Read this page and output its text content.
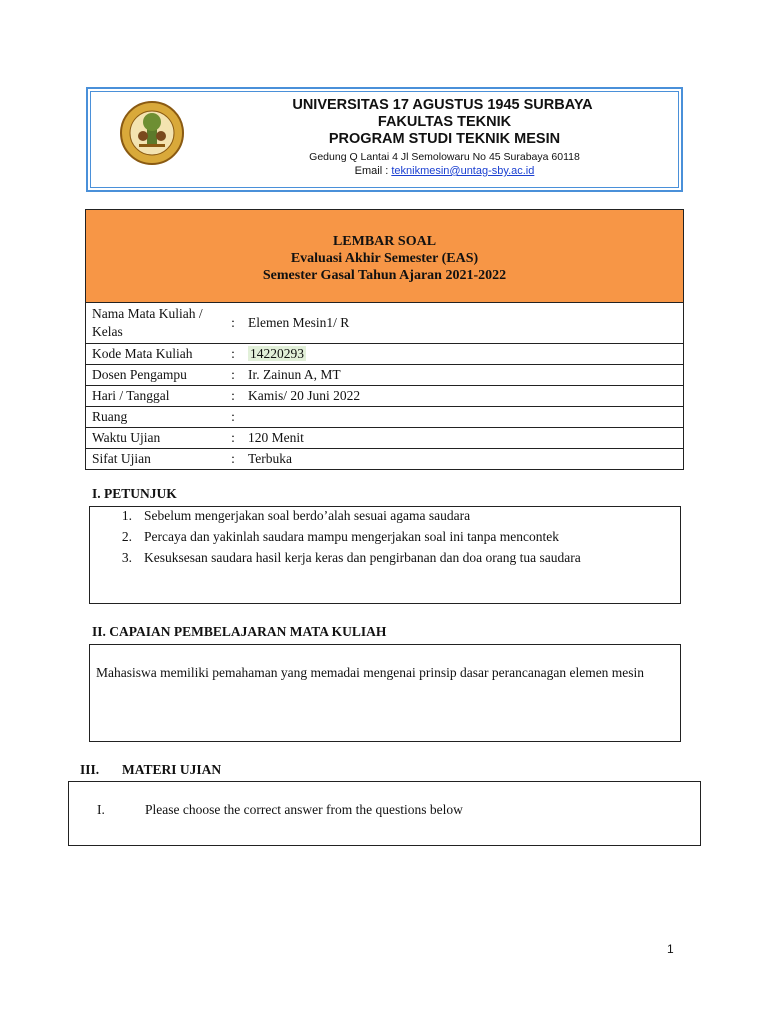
UNIVERSITAS 17 AGUSTUS 1945 SURBAYA
FAKULTAS TEKNIK
PROGRAM STUDI TEKNIK MESIN
Gedung Q Lantai 4 Jl Semolowaru No 45 Surabaya 60118
Email : teknikmesin@untag-sby.ac.id
LEMBAR SOAL
Evaluasi Akhir Semester (EAS)
Semester Gasal Tahun Ajaran 2021-2022		

Nama Mata Kuliah / Kelas	:	Elemen Mesin1/ R
Kode Mata Kuliah	:	14220293
Dosen Pengampu	:	Ir. Zainun A, MT
Hari / Tanggal	:	Kamis/ 20 Juni 2022
Ruang	:	
Waktu Ujian	:	120 Menit
Sifat Ujian	:	Terbuka
I. PETUNJUK
1. Sebelum mengerjakan soal berdo’alah sesuai agama saudara
2. Percaya dan yakinlah saudara mampu mengerjakan soal ini tanpa mencontek
3. Kesuksesan saudara hasil kerja keras dan pengirbanan dan doa orang tua saudara
II. CAPAIAN PEMBELAJARAN MATA KULIAH
Mahasiswa memiliki pemahaman yang memadai mengenai prinsip dasar perancanagan elemen mesin
III. MATERI UJIAN
I.	Please choose the correct answer from the questions below
1
